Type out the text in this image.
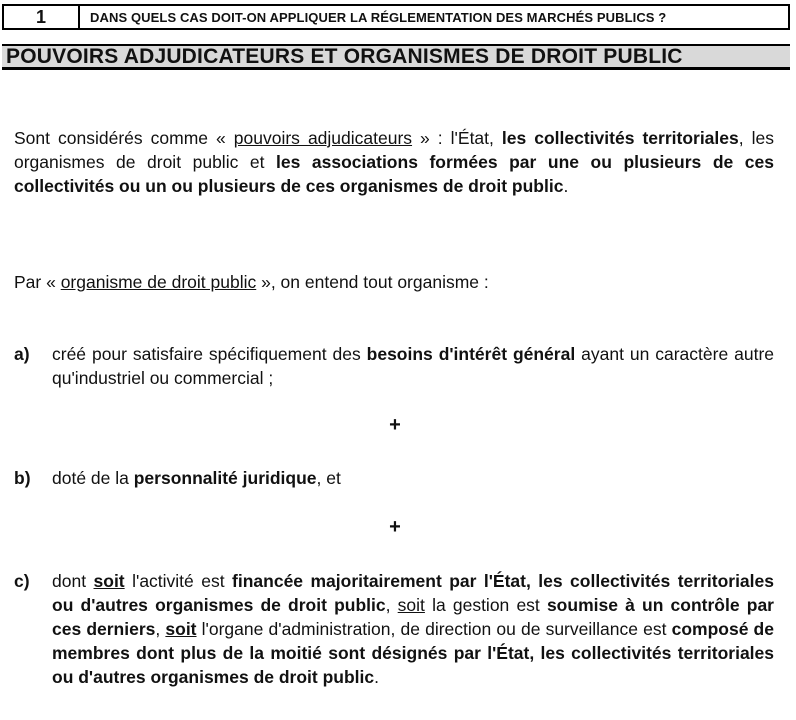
1	DANS QUELS CAS DOIT-ON APPLIQUER LA RÉGLEMENTATION DES MARCHÉS PUBLICS ?
POUVOIRS ADJUDICATEURS ET ORGANISMES DE DROIT PUBLIC
Sont considérés comme « pouvoirs adjudicateurs » : l'État, les collectivités territoriales, les organismes de droit public et les associations formées par une ou plusieurs de ces collectivités ou un ou plusieurs de ces organismes de droit public.
Par « organisme de droit public », on entend tout organisme :
a)	créé pour satisfaire spécifiquement des besoins d'intérêt général ayant un caractère autre qu'industriel ou commercial ;
+
b)	doté de la personnalité juridique, et
+
c)	dont soit l'activité est financée majoritairement par l'État, les collectivités territoriales ou d'autres organismes de droit public, soit la gestion est soumise à un contrôle par ces derniers, soit l'organe d'administration, de direction ou de surveillance est composé de membres dont plus de la moitié sont désignés par l'État, les collectivités territoriales ou d'autres organismes de droit public.
